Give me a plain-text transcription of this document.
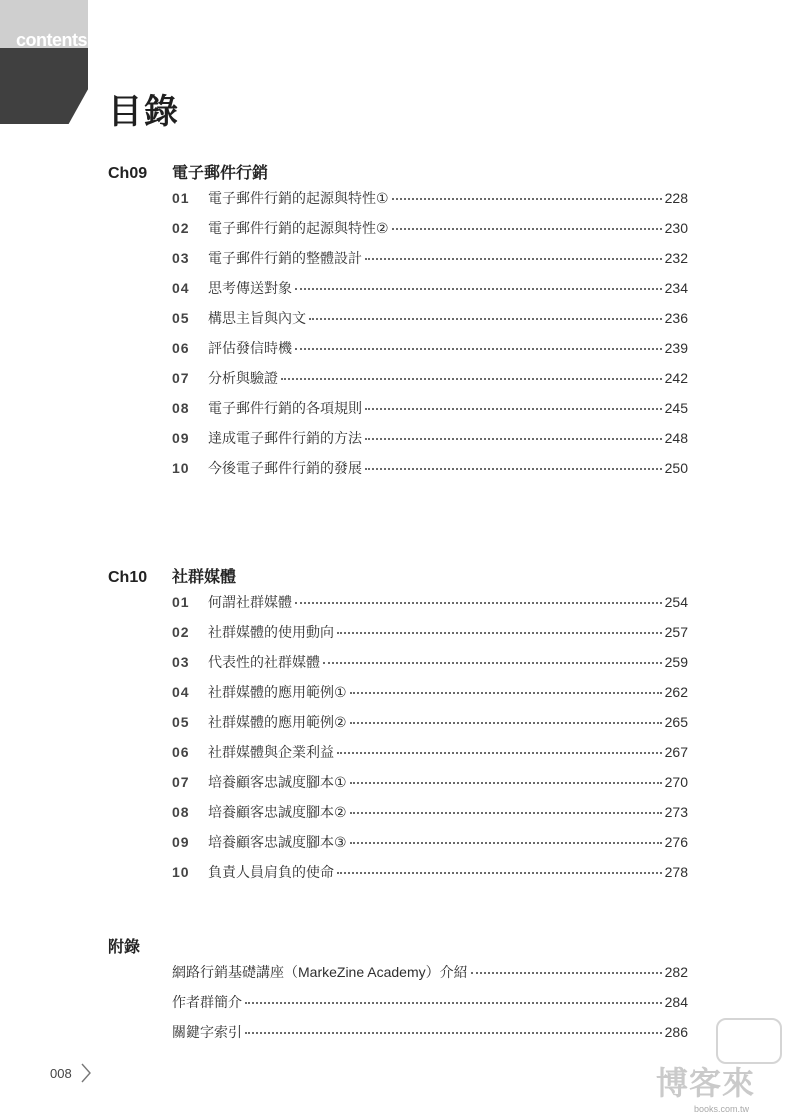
contents
目錄
Ch09 電子郵件行銷
01	電子郵件行銷的起源與特性①	228
02	電子郵件行銷的起源與特性②	230
03	電子郵件行銷的整體設計	232
04	思考傳送對象	234
05	構思主旨與內文	236
06	評估發信時機	239
07	分析與驗證	242
08	電子郵件行銷的各項規則	245
09	達成電子郵件行銷的方法	248
10	今後電子郵件行銷的發展	250
Ch10 社群媒體
01	何謂社群媒體	254
02	社群媒體的使用動向	257
03	代表性的社群媒體	259
04	社群媒體的應用範例①	262
05	社群媒體的應用範例②	265
06	社群媒體與企業利益	267
07	培養顧客忠誠度腳本①	270
08	培養顧客忠誠度腳本②	273
09	培養顧客忠誠度腳本③	276
10	負責人員肩負的使命	278
附錄
網路行銷基礎講座（MarkeZine Academy）介紹	282
作者群簡介	284
關鍵字索引	286
008	博客來
books.com.tw
